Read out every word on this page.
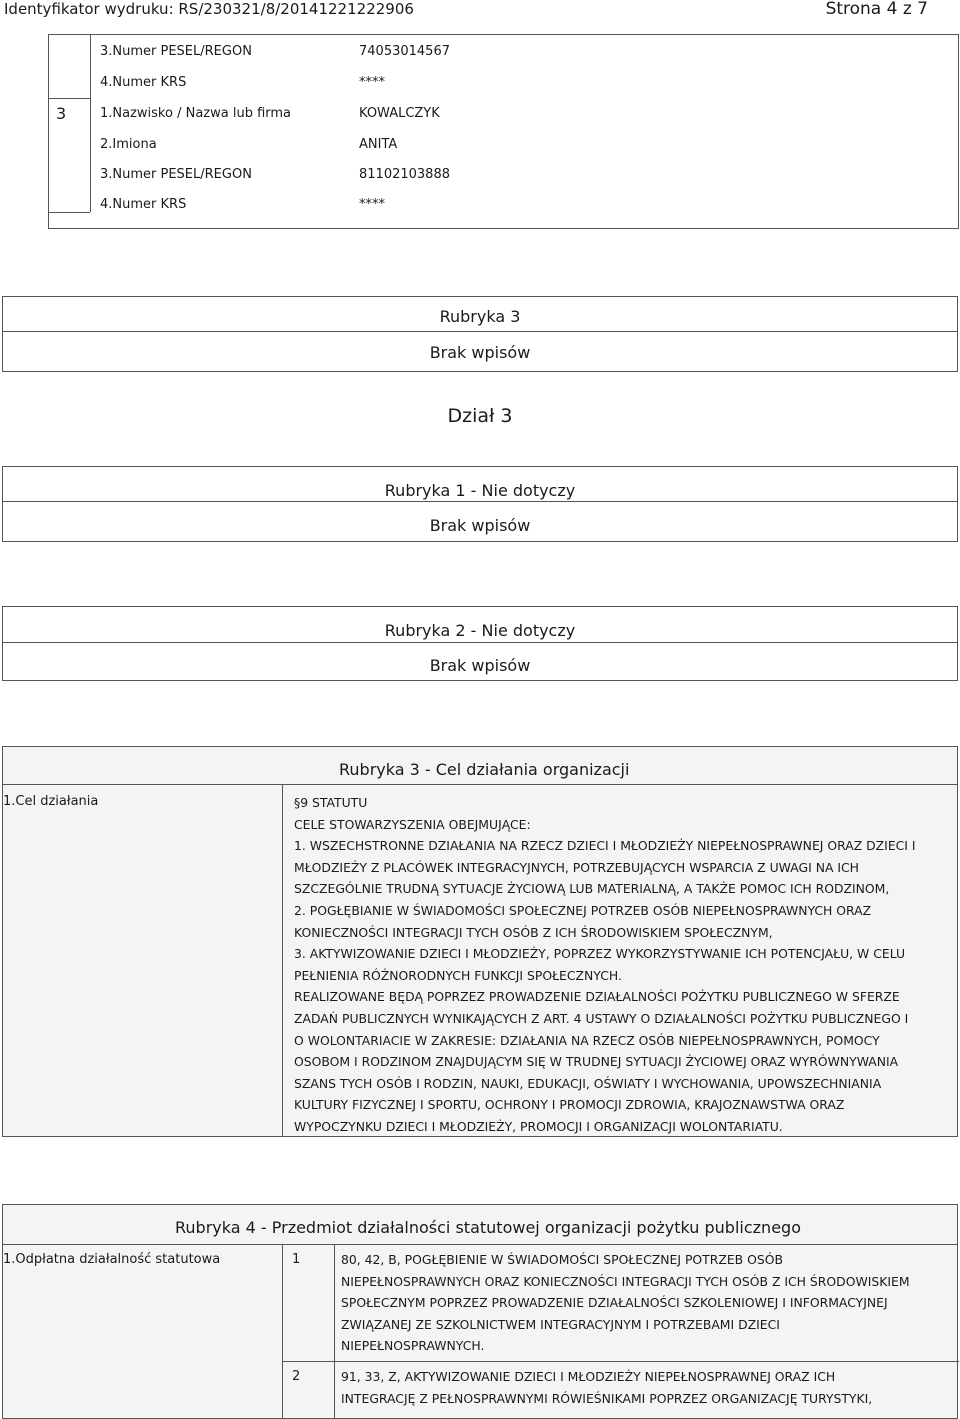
Identyfikator wydruku: RS/230321/8/20141221222906	Strona 4 z 7
3.Numer PESEL/REGON	74053014567
4.Numer KRS	****
3	1.Nazwisko / Nazwa lub firma	KOWALCZYK
2.Imiona	ANITA
3.Numer PESEL/REGON	81102103888
4.Numer KRS	****
Rubryka 3
Brak wpisów
Dział 3
Rubryka 1 - Nie dotyczy
Brak wpisów
Rubryka 2 - Nie dotyczy
Brak wpisów
Rubryka 3 - Cel działania organizacji
1.Cel działania	§9 STATUTU
CELE STOWARZYSZENIA OBEJMUJĄCE:
1. WSZECHSTRONNE DZIAŁANIA NA RZECZ DZIECI I MŁODZIEŻY NIEPEŁNOSPRAWNEJ ORAZ DZIECI I
MŁODZIEŻY Z PLACÓWEK INTEGRACYJNYCH, POTRZEBUJĄCYCH WSPARCIA Z UWAGI NA ICH
SZCZEGÓLNIE TRUDNĄ SYTUACJE ŻYCIOWĄ LUB MATERIALNĄ, A TAKŻE POMOC ICH RODZINOM,
2. POGŁĘBIANIE W ŚWIADOMOŚCI SPOŁECZNEJ POTRZEB OSÓB NIEPEŁNOSPRAWNYCH ORAZ
KONIECZNOŚCI INTEGRACJI TYCH OSÓB Z ICH ŚRODOWISKIEM SPOŁECZNYM,
3. AKTYWIZOWANIE DZIECI I MŁODZIEŻY, POPRZEZ WYKORZYSTYWANIE ICH POTENCJAŁU, W CELU
PEŁNIENIA RÓŻNORODNYCH FUNKCJI SPOŁECZNYCH.
REALIZOWANE BĘDĄ POPRZEZ PROWADZENIE DZIAŁALNOŚCI POŻYTKU PUBLICZNEGO W SFERZE
ZADAŃ PUBLICZNYCH WYNIKAJĄCYCH Z ART. 4 USTAWY O DZIAŁALNOŚCI POŻYTKU PUBLICZNEGO I
O WOLONTARIACIE W ZAKRESIE: DZIAŁANIA NA RZECZ OSÓB NIEPEŁNOSPRAWNYCH, POMOCY
OSOBOM I RODZINOM ZNAJDUJĄCYM SIĘ W TRUDNEJ SYTUACJI ŻYCIOWEJ ORAZ WYRÓWNYWANIA
SZANS TYCH OSÓB I RODZIN, NAUKI, EDUKACJI, OŚWIATY I WYCHOWANIA, UPOWSZECHNIANIA
KULTURY FIZYCZNEJ I SPORTU, OCHRONY I PROMOCJI ZDROWIA, KRAJOZNAWSTWA ORAZ
WYPOCZYNKU DZIECI I MŁODZIEŻY, PROMOCJI I ORGANIZACJI WOLONTARIATU.
Rubryka 4 - Przedmiot działalności statutowej organizacji pożytku publicznego
1.Odpłatna działalność statutowa	1	80, 42, B, POGŁĘBIENIE W ŚWIADOMOŚCI SPOŁECZNEJ POTRZEB OSÓB
NIEPEŁNOSPRAWNYCH ORAZ KONIECZNOŚCI INTEGRACJI TYCH OSÓB Z ICH ŚRODOWISKIEM
SPOŁECZNYM POPRZEZ PROWADZENIE DZIAŁALNOŚCI SZKOLENIOWEJ I INFORMACYJNEJ
ZWIĄZANEJ ZE SZKOLNICTWEM INTEGRACYJNYM I POTRZEBAMI DZIECI
NIEPEŁNOSPRAWNYCH.
2	91, 33, Z, AKTYWIZOWANIE DZIECI I MŁODZIEŻY NIEPEŁNOSPRAWNEJ ORAZ ICH
INTEGRACJĘ Z PEŁNOSPRAWNYMI RÓWIEŚNIKAMI POPRZEZ ORGANIZACJĘ TURYSTYKI,
